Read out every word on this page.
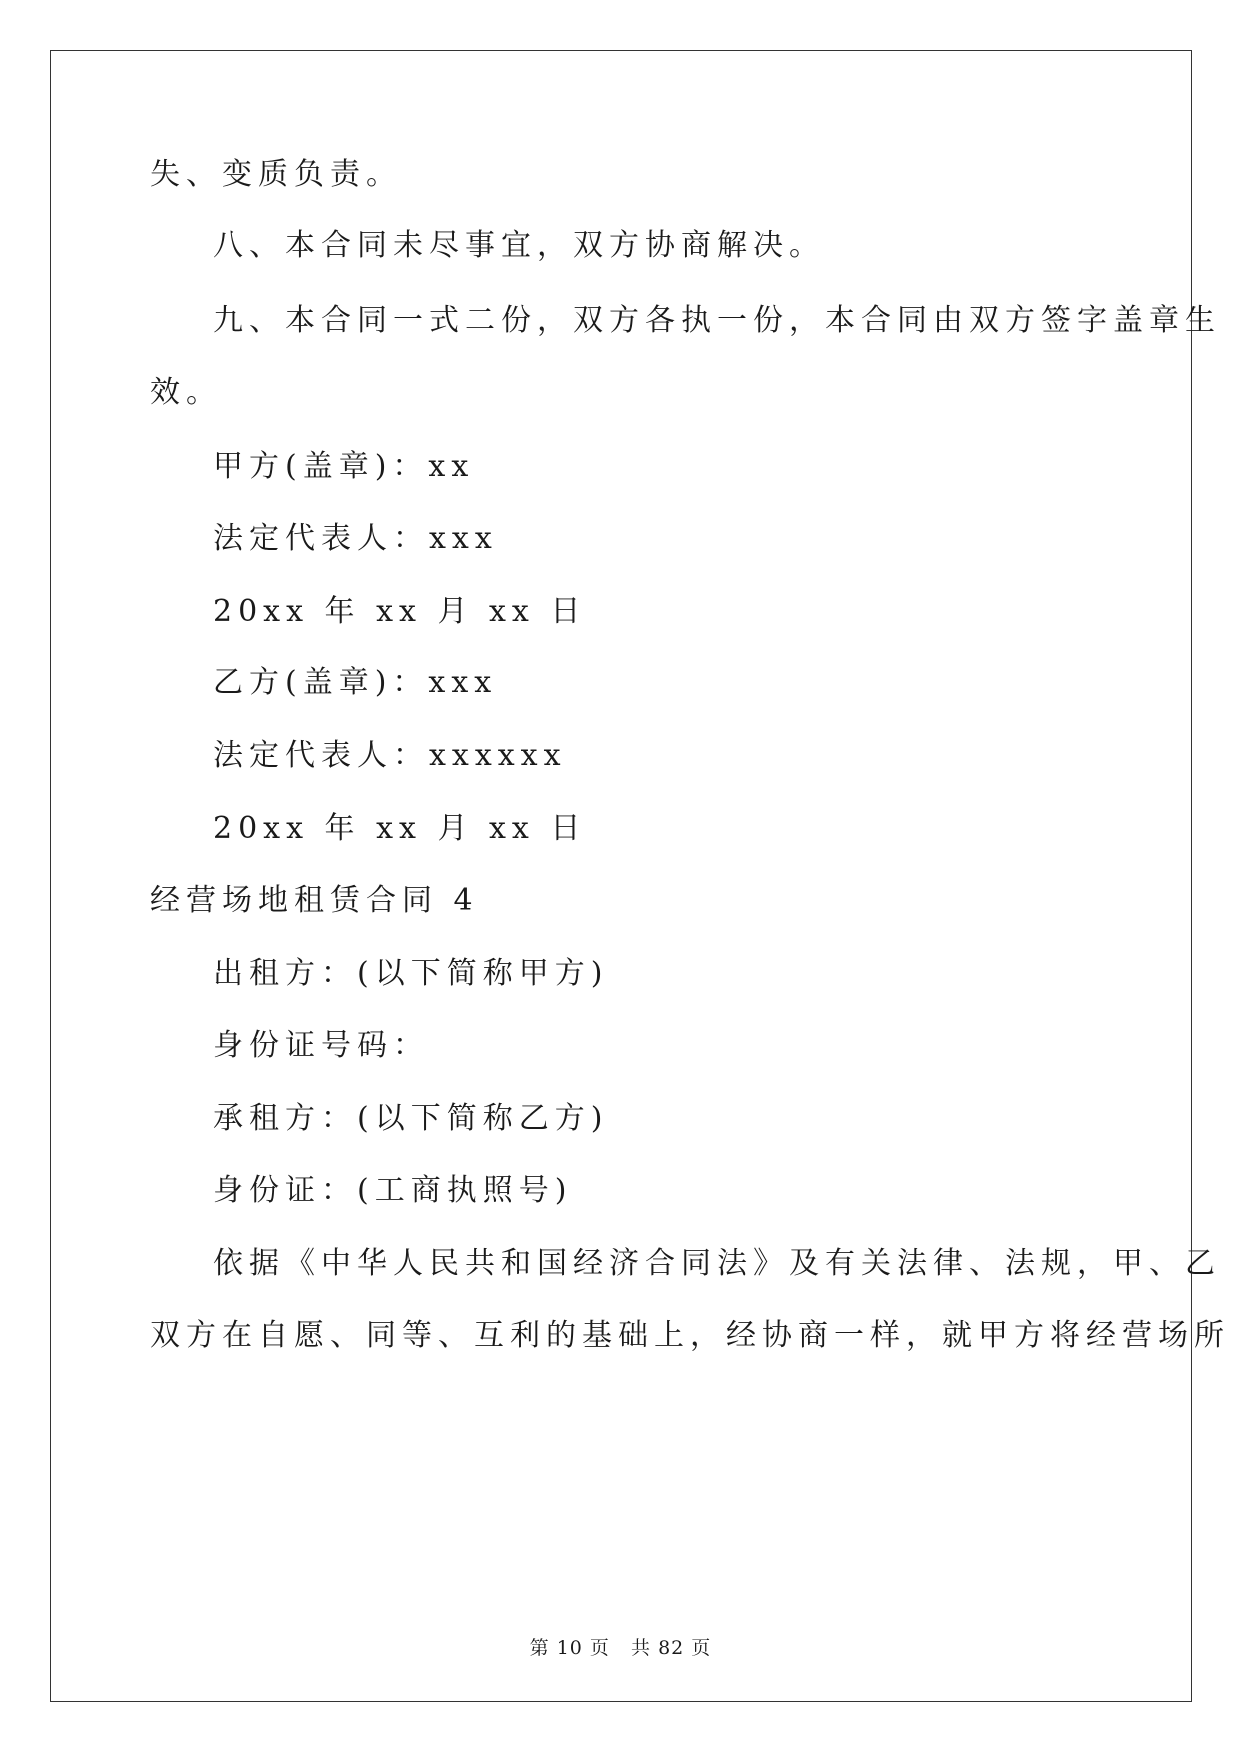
失、变质负责。
八、本合同未尽事宜，双方协商解决。
九、本合同一式二份，双方各执一份，本合同由双方签字盖章生
效。
甲方(盖章)：xx
法定代表人：xxx
20xx 年 xx 月 xx 日
乙方(盖章)：xxx
法定代表人：xxxxxx
20xx 年 xx 月 xx 日
经营场地租赁合同 4
出租方：(以下简称甲方)
身份证号码：
承租方：(以下简称乙方)
身份证：(工商执照号)
依据《中华人民共和国经济合同法》及有关法律、法规，甲、乙
双方在自愿、同等、互利的基础上，经协商一样，就甲方将经营场所
第 10 页   共 82 页
